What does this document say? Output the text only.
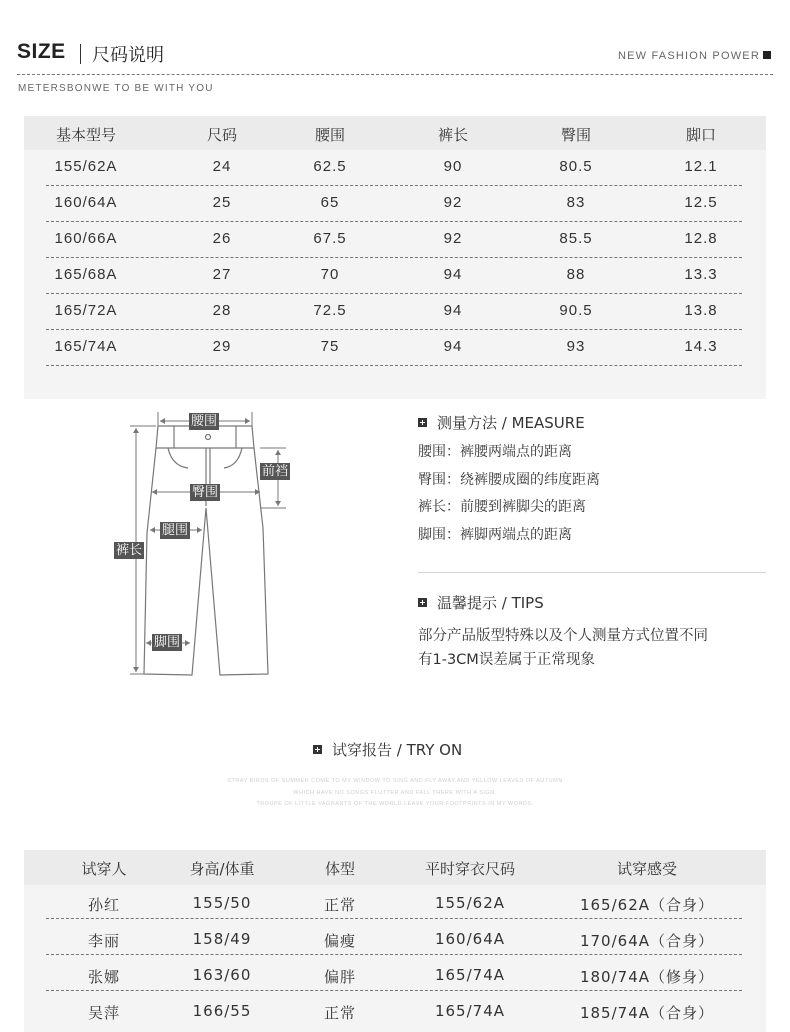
SIZE 尺码说明	NEW FASHION POWER
METERSBONWE TO BE WITH YOU
基本型号	尺码	腰围	裤长	臀围	脚口
155/62A	24	62.5	90	80.5	12.1
160/64A	25	65	92	83	12.5
160/66A	26	67.5	92	85.5	12.8
165/68A	27	70	94	88	13.3
165/72A	28	72.5	94	90.5	13.8
165/74A	29	75	94	93	14.3
腰围
前裆
臀围
腿围
裤长
脚围
测量方法 / MEASURE
腰围：裤腰两端点的距离
臀围：绕裤腰成圈的纬度距离
裤长：前腰到裤脚尖的距离
脚围：裤脚两端点的距离
温馨提示 / TIPS
部分产品版型特殊以及个人测量方式位置不同
有1-3CM误差属于正常现象
试穿报告 / TRY ON
STRAY BIRDS OF SUMMER COME TO MY WINDOW TO SING AND FLY AWAY.AND YELLOW LEAVES OF AUTUMN
WHICH HAVE NO SONGS FLUTTER AND FALL THERE WITH A SIGN.
TROUPE OF LITTLE VAGRANTS OF THE WORLD.LEAVE YOUR FOOTPRINTS IN MY WORDS.
试穿人	身高/体重	体型	平时穿衣尺码	试穿感受
孙红	155/50	正常	155/62A	165/62A（合身）
李丽	158/49	偏瘦	160/64A	170/64A（合身）
张娜	163/60	偏胖	165/74A	180/74A（修身）
吴萍	166/55	正常	165/74A	185/74A（合身）
